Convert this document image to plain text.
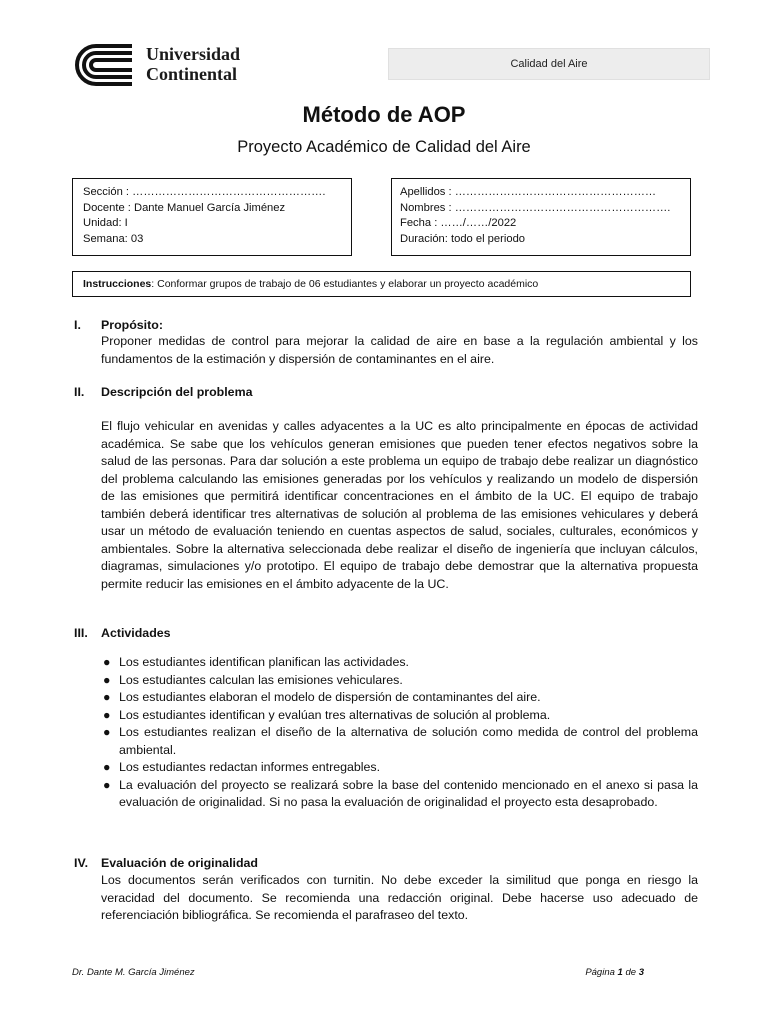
Universidad
Continental	Calidad del Aire
Método de AOP
Proyecto Académico de Calidad del Aire
Sección : …………………………………………….
Docente : Dante Manuel García Jiménez
Unidad: I
Semana: 03
Apellidos : ………………………………………………
Nombres : ………………………………………………….
Fecha : ……/……/2022
Duración: todo el periodo
Instrucciones: Conformar grupos de trabajo de 06 estudiantes y elaborar un proyecto académico
I. Propósito:
Proponer medidas de control para mejorar la calidad de aire en base a la regulación ambiental y los fundamentos de la estimación y dispersión de contaminantes en el aire.
II. Descripción del problema
El flujo vehicular en avenidas y calles adyacentes a la UC es alto principalmente en épocas de actividad académica. Se sabe que los vehículos generan emisiones que pueden tener efectos negativos sobre la salud de las personas. Para dar solución a este problema un equipo de trabajo debe realizar un diagnóstico del problema calculando las emisiones generadas por los vehículos y realizando un modelo de dispersión de las emisiones que permitirá identificar concentraciones en el ámbito de la UC. El equipo de trabajo también deberá identificar tres alternativas de solución al problema de las emisiones vehiculares y deberá usar un método de evaluación teniendo en cuentas aspectos de salud, sociales, culturales, económicos y ambientales. Sobre la alternativa seleccionada debe realizar el diseño de ingeniería que incluyan cálculos, diagramas, simulaciones y/o prototipo. El equipo de trabajo debe demostrar que la alternativa propuesta permite reducir las emisiones en el ámbito adyacente de la UC.
III. Actividades
● Los estudiantes identifican planifican las actividades.
● Los estudiantes calculan las emisiones vehiculares.
● Los estudiantes elaboran el modelo de dispersión de contaminantes del aire.
● Los estudiantes identifican y evalúan tres alternativas de solución al problema.
● Los estudiantes realizan el diseño de la alternativa de solución como medida de control del problema ambiental.
● Los estudiantes redactan informes entregables.
● La evaluación del proyecto se realizará sobre la base del contenido mencionado en el anexo si pasa la evaluación de originalidad. Si no pasa la evaluación de originalidad el proyecto esta desaprobado.
IV. Evaluación de originalidad
Los documentos serán verificados con turnitin. No debe exceder la similitud que ponga en riesgo la veracidad del documento. Se recomienda una redacción original. Debe hacerse uso adecuado de referenciación bibliográfica. Se recomienda el parafraseo del texto.
Dr. Dante M. García Jiménez	Página 1 de 3
